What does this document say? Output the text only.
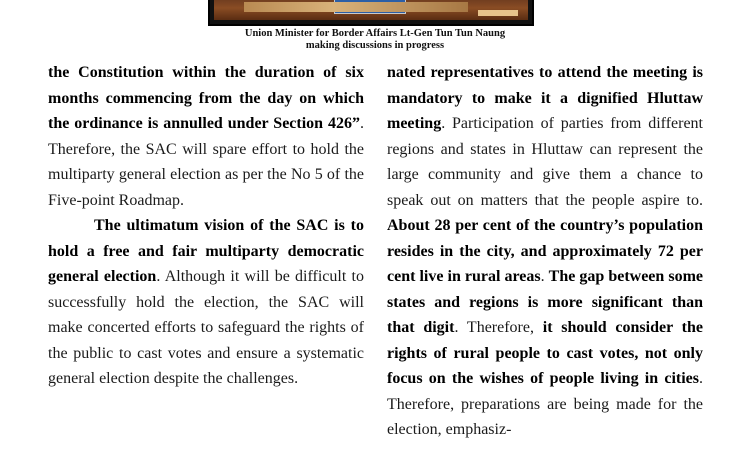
Union Minister for Border Affairs Lt-Gen Tun Tun Naung
making discussions in progress

the Constitution within the duration of six months commencing from the day on which the ordinance is annulled under Section 426”. Therefore, the SAC will spare effort to hold the multiparty general election as per the No 5 of the Five-point Roadmap.

The ultimatum vision of the SAC is to hold a free and fair multiparty democratic general election. Although it will be difficult to successfully hold the election, the SAC will make concerted efforts to safeguard the rights of the public to cast votes and ensure a systematic general election despite the challenges.

nated representatives to attend the meeting is mandatory to make it a dignified Hluttaw meeting. Participation of parties from different regions and states in Hluttaw can represent the large community and give them a chance to speak out on matters that the people aspire to. About 28 per cent of the country’s population resides in the city, and approximately 72 per cent live in rural areas. The gap between some states and regions is more significant than that digit. Therefore, it should consider the rights of rural people to cast votes, not only focus on the wishes of people living in cities. Therefore, preparations are being made for the election, emphasiz-
